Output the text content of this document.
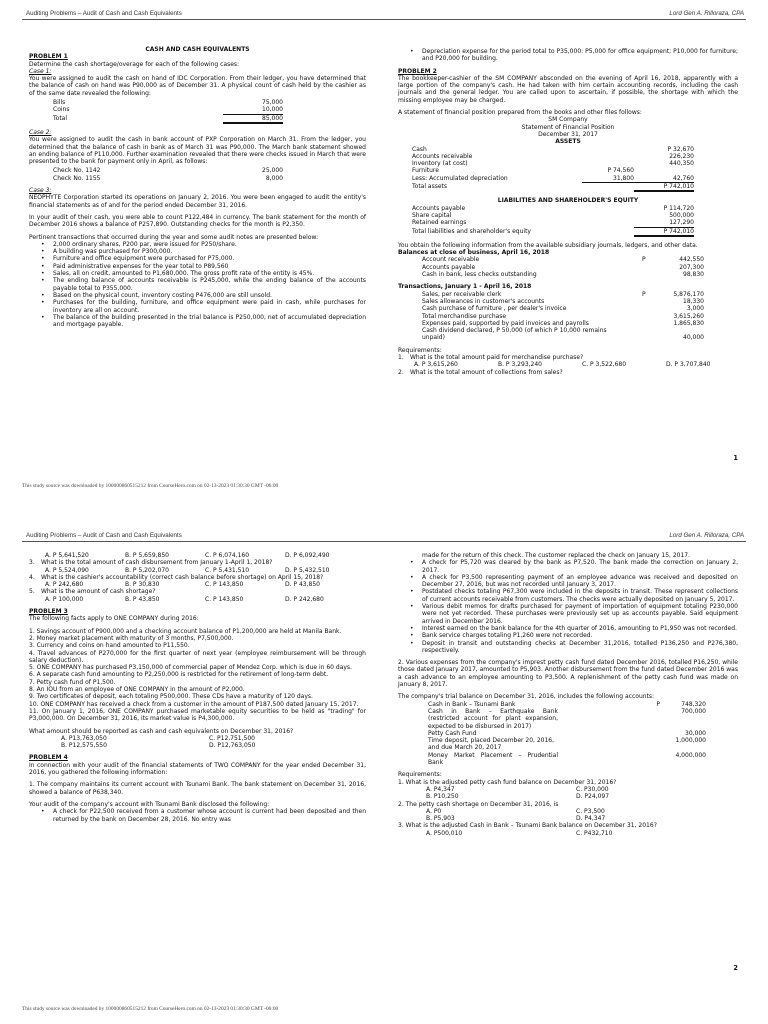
Auditing Problems – Audit of Cash and Cash Equivalents	Lord Gen A. Rilloraza, CPA
CASH AND CASH EQUIVALENTS
PROBLEM 1
Determine the cash shortage/overage for each of the following cases:
Case 1:
You were assigned to audit the cash on hand of IDC Corporation. From their ledger, you have determined that the balance of cash on hand was P90,000 as of December 31. A physical count of cash held by the cashier as of the same date revealed the following:
Bills	75,000
Coins	10,000
Total	85,000
Case 2:
You were assigned to audit the cash in bank account of PXP Corporation on March 31. From the ledger, you determined that the balance of cash in bank as of March 31 was P90,000. The March bank statement showed an ending balance of P110,000. Further examination revealed that there were checks issued in March that were presented to the bank for payment only in April, as follows:
Check No. 1142	25,000
Check No. 1155	8,000
Case 3:
NEOPHYTE Corporation started its operations on January 2, 2016. You were been engaged to audit the entity's financial statements as of and for the period ended December 31, 2016.
In your audit of their cash, you were able to count P122,484 in currency. The bank statement for the month of December 2016 shows a balance of P257,890. Outstanding checks for the month is P2,350.
Pertinent transactions that occurred during the year and some audit notes are presented below:
• 2,000 ordinary shares, P200 par, were issued for P250/share.
• A building was purchased for P300,000.
• Furniture and office equipment were purchased for P75,000.
• Paid administrative expenses for the year total to P89,560
• Sales, all on credit, amounted to P1,680,000. The gross profit rate of the entity is 45%.
• The ending balance of accounts receivable is P245,000, while the ending balance of the accounts payable total to P355,000.
• Based on the physical count, inventory costing P476,000 are still unsold.
• Purchases for the building, furniture, and office equipment were paid in cash, while purchases for inventory are all on account.
• The balance of the building presented in the trial balance is P250,000, net of accumulated depreciation and mortgage payable.
• Depreciation expense for the period total to P35,000: P5,000 for office equipment; P10,000 for furniture; and P20,000 for building.
PROBLEM 2
The bookkeeper-cashier of the SM COMPANY absconded on the evening of April 16, 2018, apparently with a large portion of the company's cash. He had taken with him certain accounting records, including the cash journals and the general ledger. You are called upon to ascertain, if possible, the shortage with which the missing employee may be charged.
A statement of financial position prepared from the books and other files follows:
SM Company
Statement of Financial Position
December 31, 2017
ASSETS
Cash	P 32,670
Accounts receivable	226,230
Inventory (at cost)	440,350
Furniture	P 74,560
Less: Accumulated depreciation	31,800	42,760
Total assets	P 742,010
LIABILITIES AND SHAREHOLDER'S EQUITY
Accounts payable	P 114,720
Share capital	500,000
Retained earnings	127,290
Total liabilities and shareholder's equity	P 742,010
You obtain the following information from the available subsidiary journals, ledgers, and other data.
Balances at close of business, April 16, 2018
Account receivable	P	442,550
Accounts payable	207,300
Cash in bank, less checks outstanding	98,830
Transactions, January 1 - April 16, 2018
Sales, per receivable clerk	P	5,876,170
Sales allowances in customer's accounts	18,330
Cash purchase of furniture , per dealer's invoice	3,000
Total merchandise purchase	3,615,260
Expenses paid, supported by paid invoices and payrolls	1,865,830
Cash dividend declared, P 50,000 (of which P 10,000 remains unpaid)	40,000
Requirements:
1.	What is the total amount paid for merchandise purchase?
A. P 3,615,260	B. P 3,293,240	C. P 3,522,680	D. P 3,707,840
2.	What is the total amount of collections from sales?
1
This study source was downloaded by 100000860515212 from CourseHero.com on 02-13-2023 01:30:30 GMT -06:00
Auditing Problems – Audit of Cash and Cash Equivalents	Lord Gen A. Rilloraza, CPA
A. P 5,641,520	B. P 5,659,850	C. P 6,074,160	D. P 6,092,490
3.	What is the total amount of cash disbursement from January 1-April 1, 2018?
A. P 5,524,090	B. P 5,202,070	C. P 5,431,510	D. P 5,432,510
4.	What is the cashier's accountability (correct cash balance before shortage) on April 15, 2018?
A. P 242,680	B. P 30,830	C. P 143,850	D. P 43,850
5.	What is the amount of cash shortage?
A. P 100,000	B. P 43,850	C. P 143,850	D. P 242,680
PROBLEM 3
The following facts apply to ONE COMPANY during 2016:
1. Savings account of P900,000 and a checking account balance of P1,200,000 are held at Manila Bank.
2. Money market placement with maturity of 3 months, P7,500,000.
3. Currency and coins on hand amounted to P11,550.
4. Travel advances of P270,000 for the first quarter of next year (employee reimbursement will be through salary deduction).
5. ONE COMPANY has purchased P3,150,000 of commercial paper of Mendez Corp. which is due in 60 days.
6. A separate cash fund amounting to P2,250,000 is restricted for the retirement of long-term debt.
7. Petty cash fund of P1,500.
8. An IOU from an employee of ONE COMPANY in the amount of P2,000.
9. Two certificates of deposit, each totaling P500,000. These CDs have a maturity of 120 days.
10. ONE COMPANY has received a check from a customer in the amount of P187,500 dated January 15, 2017.
11. On January 1, 2016, ONE COMPANY purchased marketable equity securities to be held as "trading" for P3,000,000. On December 31, 2016, its market value is P4,300,000.
What amount should be reported as cash and cash equivalents on December 31, 2016?
A. P13,763,050	C. P12,751,500
B. P12,575,550	D. P12,763,050
PROBLEM 4
In connection with your audit of the financial statements of TWO COMPANY for the year ended December 31, 2016, you gathered the following information:
1. The company maintains its current account with Tsunami Bank. The bank statement on December 31, 2016, showed a balance of P638,340.
Your audit of the company's account with Tsunami Bank disclosed the following:
• A check for P22,500 received from a customer whose account is current had been deposited and then returned by the bank on December 28, 2016. No entry was
made for the return of this check. The customer replaced the check on January 15, 2017.
• A check for P5,720 was cleared by the bank as P7,520. The bank made the correction on January 2, 2017.
• A check for P3,500 representing payment of an employee advance was received and deposited on December 27, 2016, but was not recorded until January 3, 2017.
• Postdated checks totaling P67,300 were included in the deposits in transit. These represent collections of current accounts receivable from customers. The checks were actually deposited on January 5, 2017.
• Various debit memos for drafts purchased for payment of importation of equipment totaling P230,000 were not yet recorded. These purchases were previously set up as accounts payable. Said equipment arrived in December 2016.
• Interest earned on the bank balance for the 4th quarter of 2016, amounting to P1,950 was not recorded.
• Bank service charges totaling P1,260 were not recorded.
• Deposit in transit and outstanding checks at December 31,2016, totalled P136,250 and P276,380, respectively.
2. Various expenses from the company's imprest petty cash fund dated December 2016, totalled P16,250, while those dated January 2017, amounted to P5,903. Another disbursement from the fund dated December 2016 was a cash advance to an employee amounting to P3,500. A replenishment of the petty cash fund was made on January 8, 2017.
The company's trial balance on December 31, 2016, includes the following accounts:
Cash in Bank – Tsunami Bank	P	748,320
Cash in Bank – Earthquake Bank (restricted account for plant expansion, expected to be disbursed in 2017)
700,000
Petty Cash Fund	30,000
Time deposit, placed December 20, 2016, and due March 20, 2017
1,000,000
Money Market Placement – Prudential Bank
4,000,000
Requirements:
1. What is the adjusted petty cash fund balance on December 31, 2016?
A. P4,347	C. P30,000
B. P10,250	D. P24,097
2. The petty cash shortage on December 31, 2016, is
A. P0	C. P3,500
B. P5,903	D. P4,347
3. What is the adjusted Cash in Bank – Tsunami Bank balance on December 31, 2016?
A. P500,010	C. P432,710
2
This study source was downloaded by 100000860515212 from CourseHero.com on 02-13-2023 01:30:30 GMT -06:00
